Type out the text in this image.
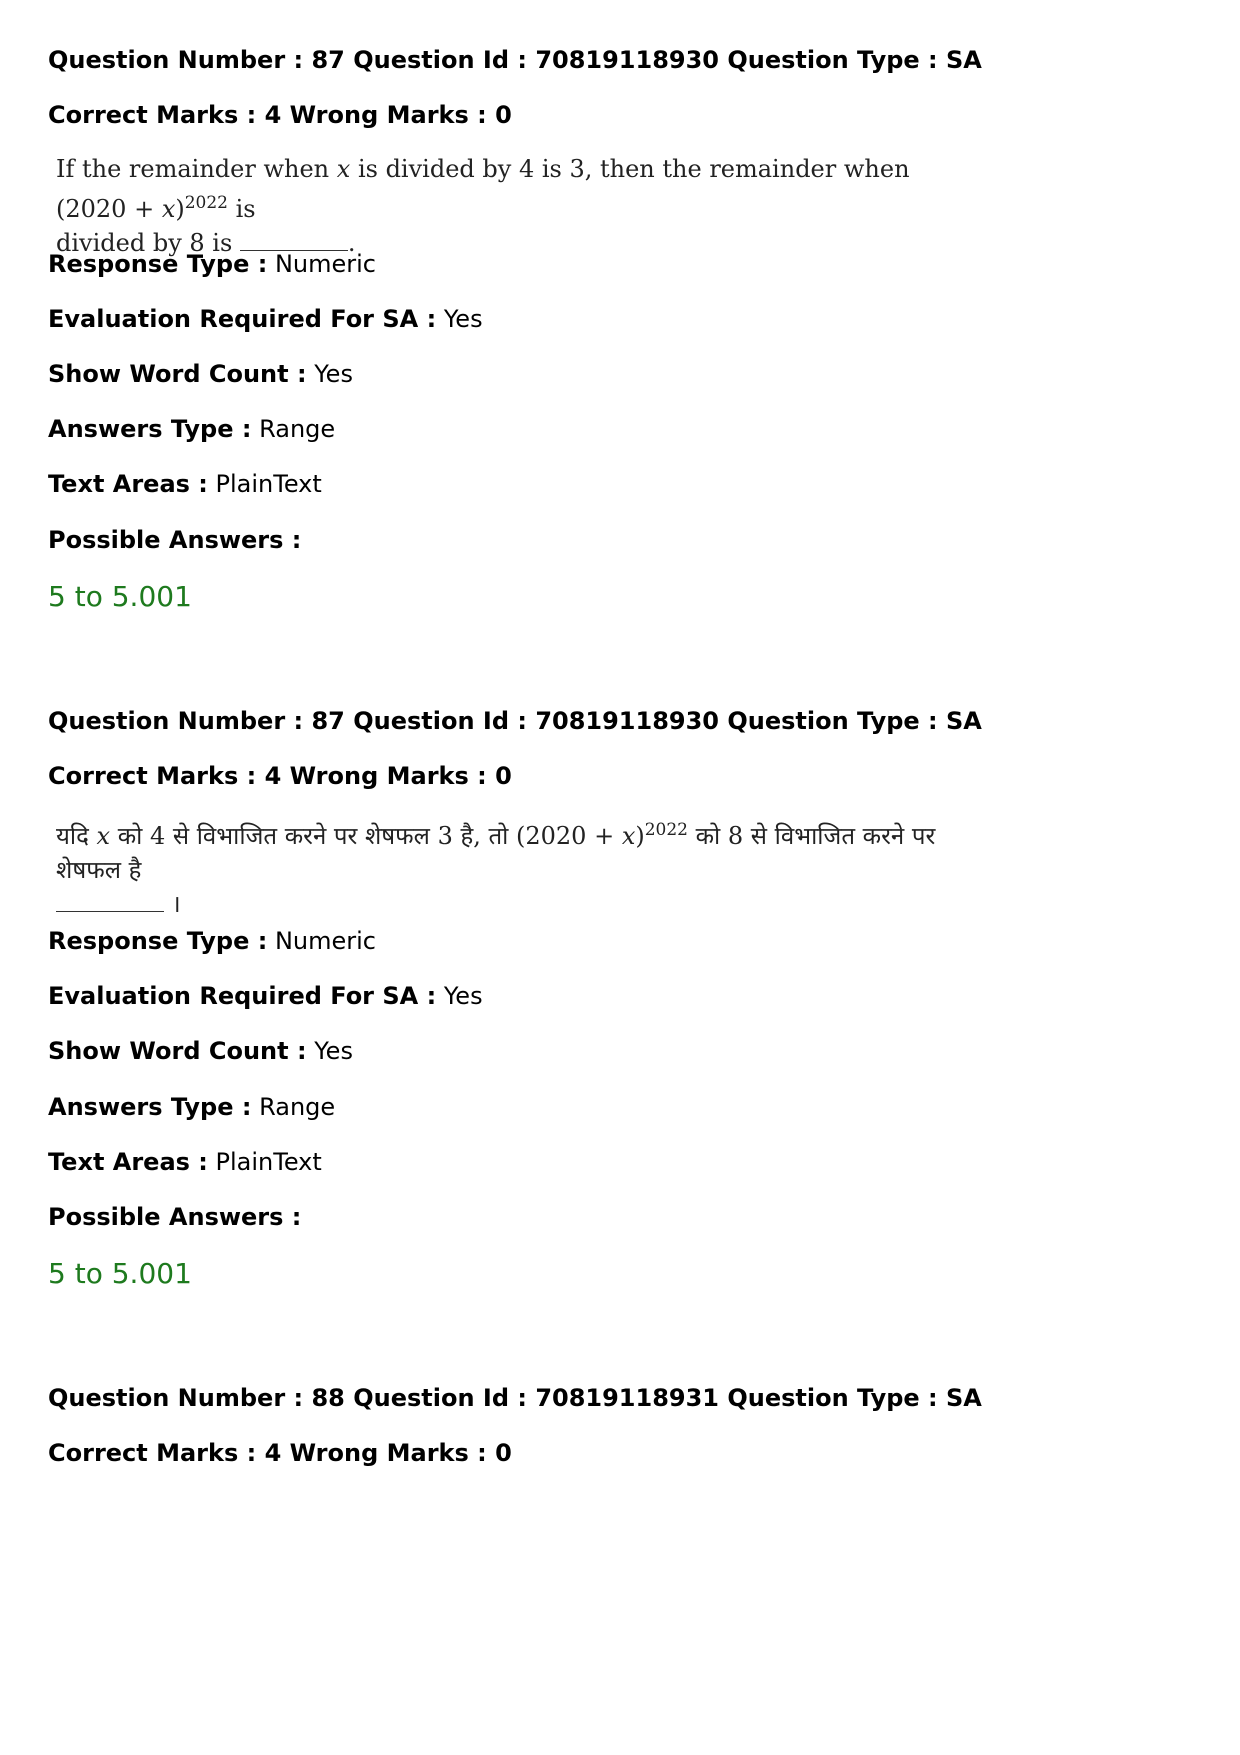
Question Number : 87 Question Id : 70819118930 Question Type : SA
Correct Marks : 4 Wrong Marks : 0
If the remainder when x is divided by 4 is 3, then the remainder when $(2020 + x)^{2022}$ is
divided by 8 is	.
Response Type : Numeric
Evaluation Required For SA : Yes
Show Word Count : Yes
Answers Type : Range
Text Areas : PlainText
Possible Answers :
5 to 5.001
Question Number : 87 Question Id : 70819118930 Question Type : SA
Correct Marks : 4 Wrong Marks : 0
यदि x को 4 से विभाजित करने पर शेषफल 3 है, तो $(2020 + x)^{2022}$ को 8 से विभाजित करने पर शेषफल है
।
Response Type : Numeric
Evaluation Required For SA : Yes
Show Word Count : Yes
Answers Type : Range
Text Areas : PlainText
Possible Answers :
5 to 5.001
Question Number : 88 Question Id : 70819118931 Question Type : SA
Correct Marks : 4 Wrong Marks : 0
